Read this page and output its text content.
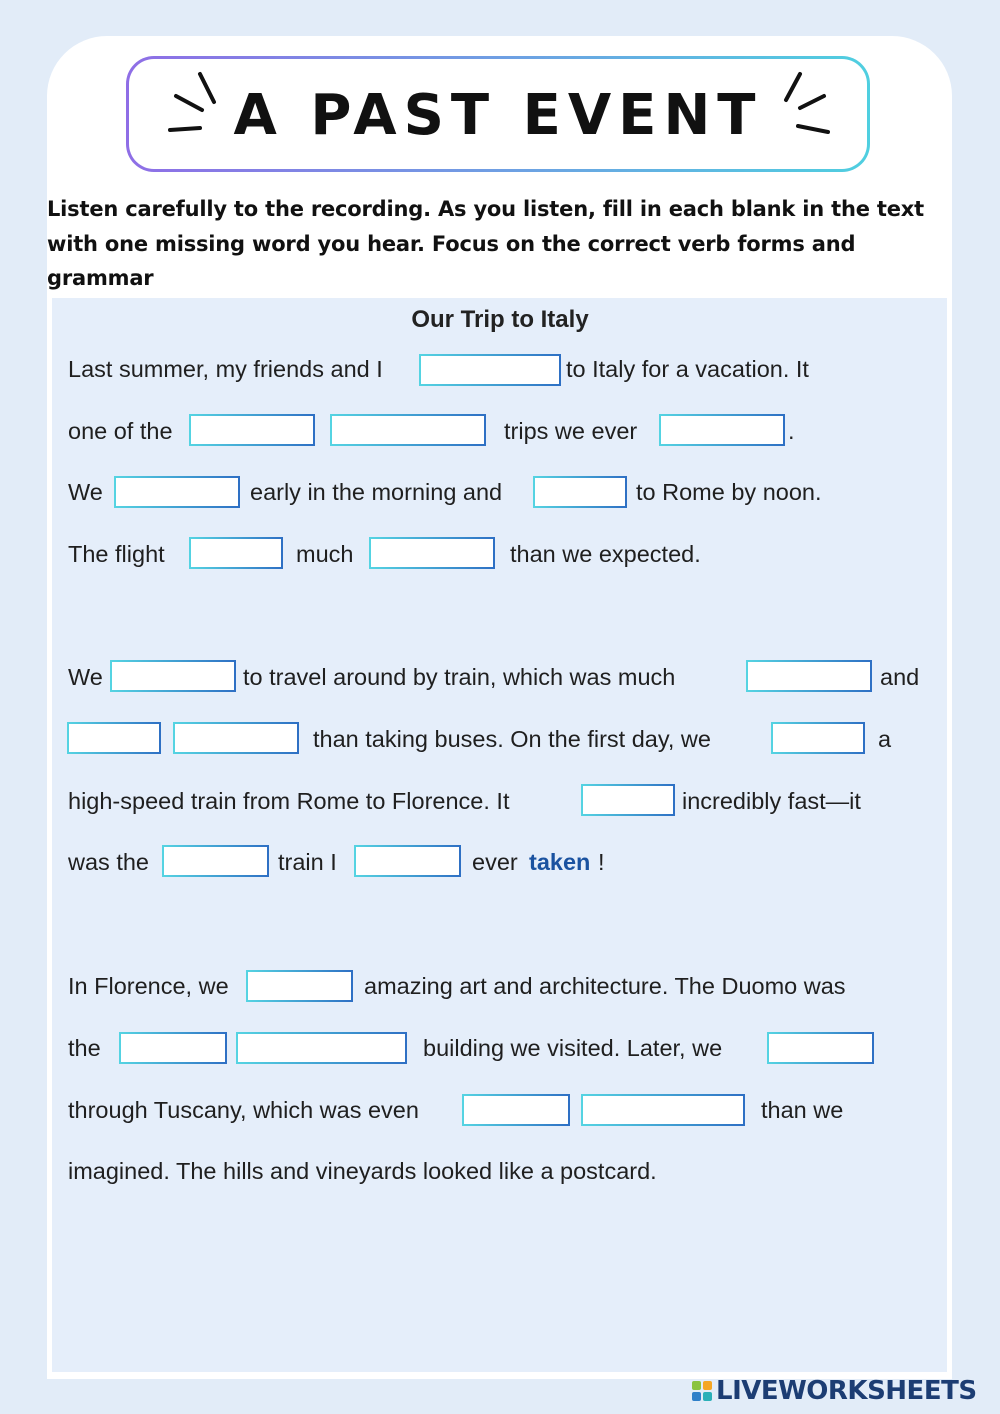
A PAST EVENT
Listen carefully to the recording. As you listen, fill in each blank in the text with one missing word you hear. Focus on the correct verb forms and grammar
Our Trip to Italy
Last summer, my friends and I	to Italy for a vacation. It
one of the	trips we ever	.
We	early in the morning and	to Rome by noon.
The flight	much	than we expected.
We	to travel around by train, which was much	and
than taking buses. On the first day, we	a
high-speed train from Rome to Florence. It	incredibly fast—it
was the	train I	ever taken !
In Florence, we	amazing art and architecture. The Duomo was
the	building we visited. Later, we
through Tuscany, which was even	than we
imagined. The hills and vineyards looked like a postcard.
LIVEWORKSHEETS
